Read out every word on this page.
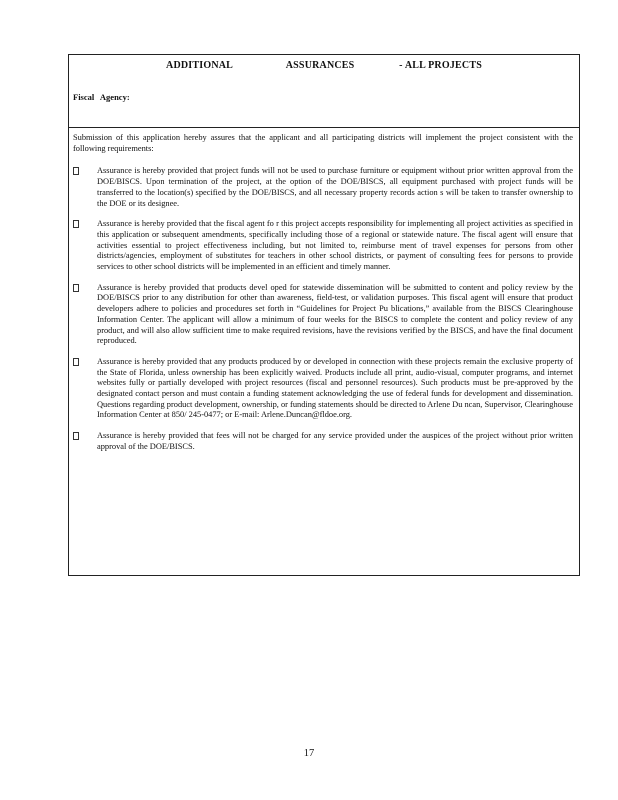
ADDITIONAL	ASSURANCES	- ALL PROJECTS
Fiscal Agency:

Submission of this application hereby assures that the applicant and all participating districts will implement the project consistent with the following requirements:

Assurance is hereby provided that project funds will not be used to purchase furniture or equipment without prior written approval from the DOE/BISCS. Upon termination of the project, at the option of the DOE/BISCS, all equipment purchased with project funds will be transferred to the location(s) specified by the DOE/BISCS, and all necessary property records action s will be taken to transfer ownership to the DOE or its designee.
Assurance is hereby provided that the fiscal agent fo r this project accepts responsibility for implementing all project activities as specified in this application or subsequent amendments, specifically including those of a regional or statewide nature. The fiscal agent will ensure that activities essential to project effectiveness including, but not limited to, reimburse ment of travel expenses for persons from other districts/agencies, employment of substitutes for teachers in other school districts, or payment of consulting fees for persons to provide services to other school districts will be implemented in an efficient and timely manner.
Assurance is hereby provided that products devel oped for statewide dissemination will be submitted to content and policy review by the DOE/BISCS prior to any distribution for other than awareness, field-test, or validation purposes. This fiscal agent will ensure that product developers adhere to policies and procedures set forth in “Guidelines for Project Pu blications,” available from the BISCS Clearinghouse Information Center. The applicant will allow a minimum of four weeks for the BISCS to complete the content and policy review of any product, and will also allow sufficient time to make required revisions, have the revisions verified by the BISCS, and have the final document reproduced.
Assurance is hereby provided that any products produced by or developed in connection with these projects remain the exclusive property of the State of Florida, unless ownership has been explicitly waived. Products include all print, audio-visual, computer programs, and internet websites fully or partially developed with project resources (fiscal and personnel resources). Such products must be pre-approved by the designated contact person and must contain a funding statement acknowledging the use of federal funds for development and dissemination. Questions regarding product development, ownership, or funding statements should be directed to Arlene Du ncan, Supervisor, Clearinghouse Information Center at 850/ 245-0477; or E-mail: Arlene.Duncan@fldoe.org.
Assurance is hereby provided that fees will not be charged for any service provided under the auspices of the project without prior written approval of the DOE/BISCS.
17
